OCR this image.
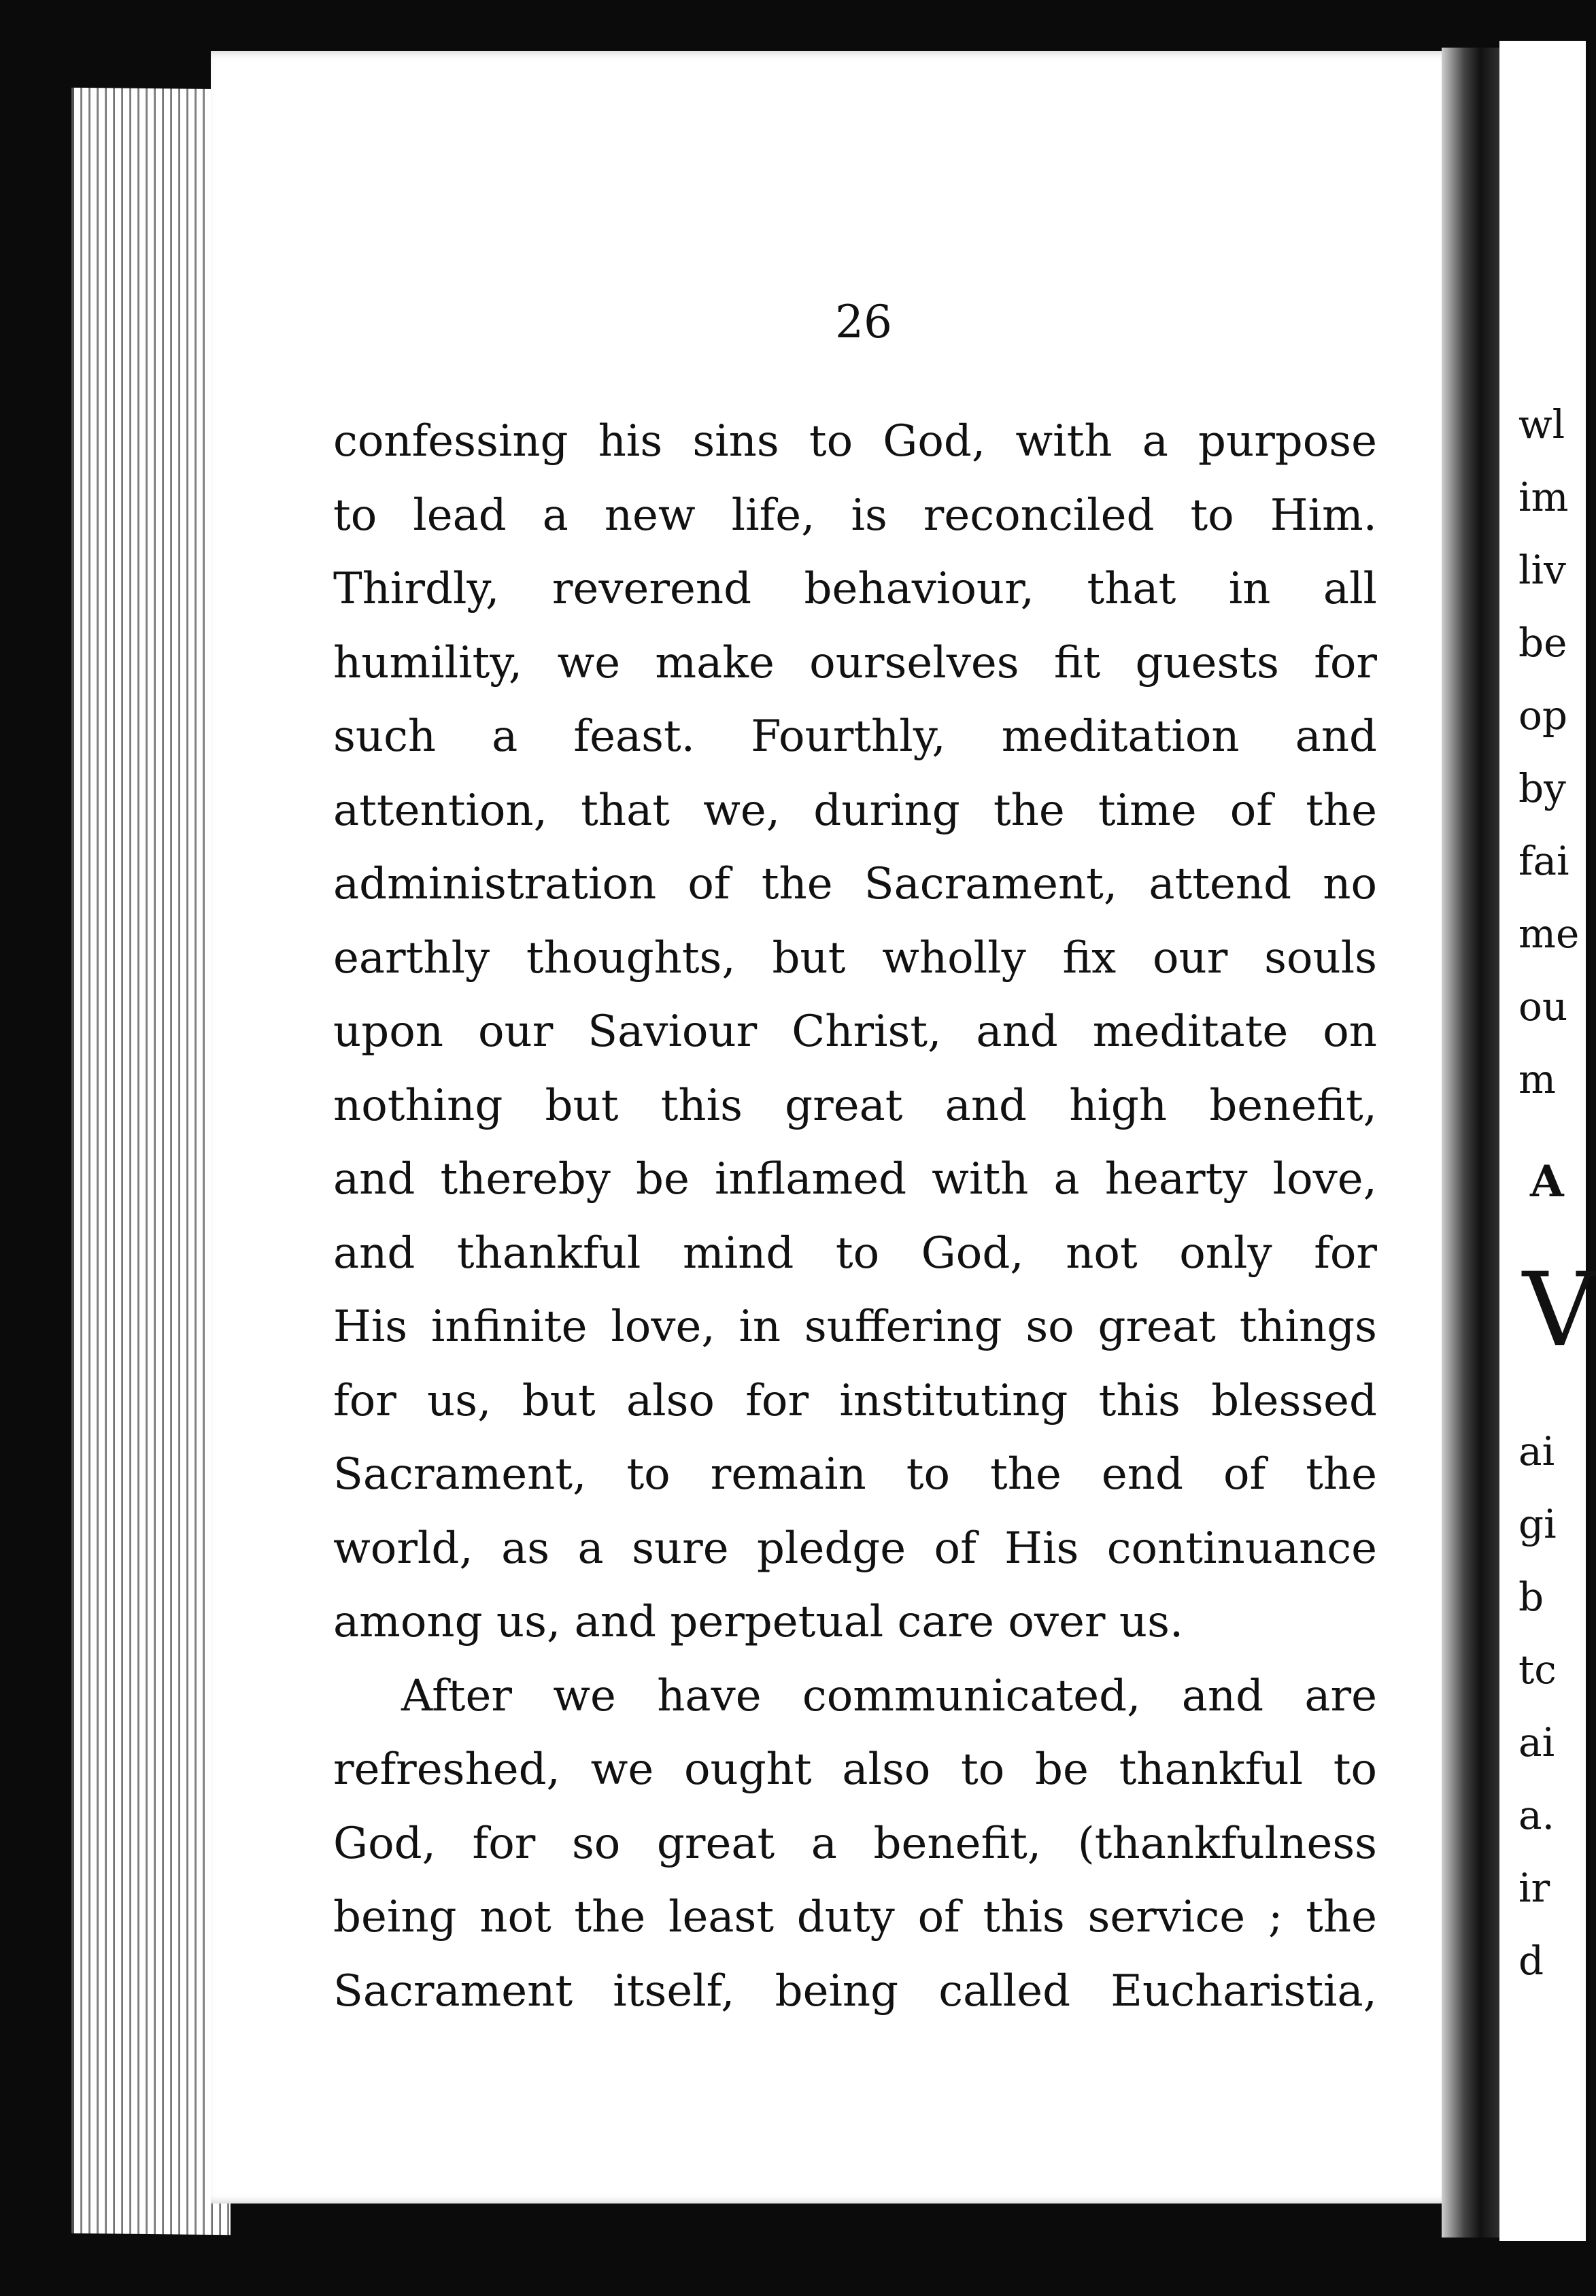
26
confessing his sins to God, with a purpose
to lead a new life, is reconciled to Him.
Thirdly, reverend behaviour, that in all
humility, we make ourselves fit guests for
such a feast. Fourthly, meditation and
attention, that we, during the time of the
administration of the Sacrament, attend no
earthly thoughts, but wholly fix our souls
upon our Saviour Christ, and meditate on
nothing but this great and high benefit,
and thereby be inflamed with a hearty love,
and thankful mind to God, not only for
His infinite love, in suffering so great things
for us, but also for instituting this blessed
Sacrament, to remain to the end of the
world, as a sure pledge of His continuance
among us, and perpetual care over us.
After we have communicated, and are
refreshed, we ought also to be thankful to
God, for so great a benefit, (thankfulness
being not the least duty of this service ; the
Sacrament itself, being called Eucharistia,
wl
im
liv
be
op
by
fai
me
ou
m
A
V
ai
gi
b
tc
ai
a.
ir
d
